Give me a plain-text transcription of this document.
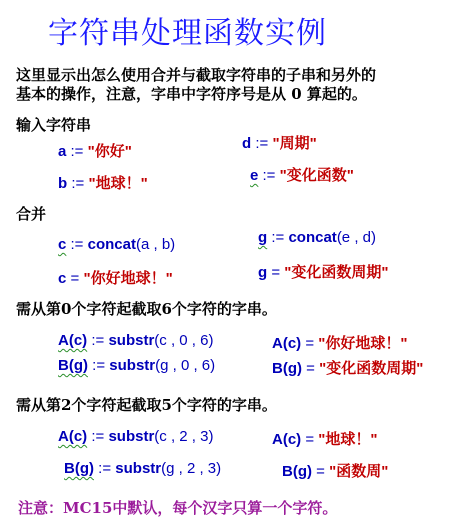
字符串处理函数实例
这里显示出怎么使用合并与截取字符串的子串和另外的
基本的操作，注意，字串中字符序号是从 0 算起的。
输入字符串
a := "你好"
b := "地球！"
d := "周期"
e := "变化函数"
合并
c := concat(a , b)	g := concat(e , d)
c = "你好地球！"	g = "变化函数周期"
需从第0个字符起截取6个字符的字串。
A(c) := substr(c , 0 , 6)
B(g) := substr(g , 0 , 6)
A(c) = "你好地球！"
B(g) = "变化函数周期"
需从第2个字符起截取5个字符的字串。
A(c) := substr(c , 2 , 3)
B(g) := substr(g , 2 , 3)
A(c) = "地球！"
B(g) = "函数周"
注意：MC15中默认，每个汉字只算一个字符。
